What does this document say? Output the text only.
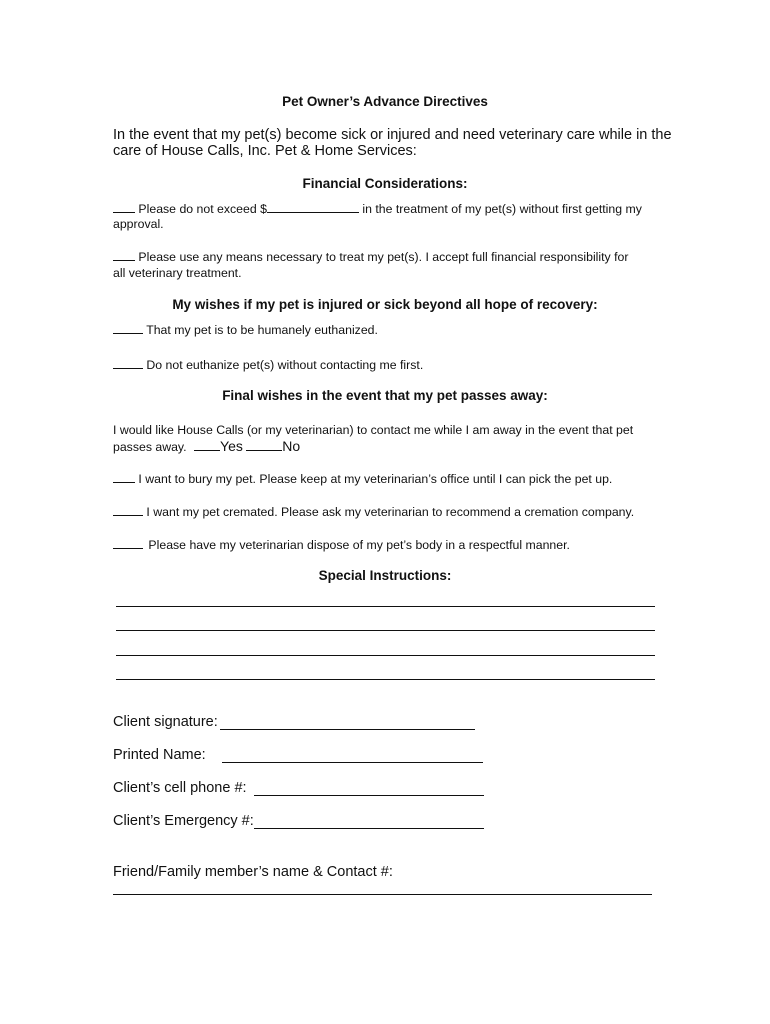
Pet Owner’s Advance Directives
In the event that my pet(s) become sick or injured and need veterinary care while in the
care of House Calls, Inc. Pet & Home Services:
Financial Considerations:
Please do not exceed $	in the treatment of my pet(s) without first getting my
approval.
Please use any means necessary to treat my pet(s). I accept full financial responsibility for
all veterinary treatment.
My wishes if my pet is injured or sick beyond all hope of recovery:
That my pet is to be humanely euthanized.
Do not euthanize pet(s) without contacting me first.
Final wishes in the event that my pet passes away:
I would like House Calls (or my veterinarian) to contact me while I am away in the event that pet
passes away. Yes	No
I want to bury my pet. Please keep at my veterinarian’s office until I can pick the pet up.
I want my pet cremated. Please ask my veterinarian to recommend a cremation company.
Please have my veterinarian dispose of my pet’s body in a respectful manner.
Special Instructions:
Client signature:
Printed Name:
Client’s cell phone #:
Client’s Emergency #:
Friend/Family member’s name & Contact #:
